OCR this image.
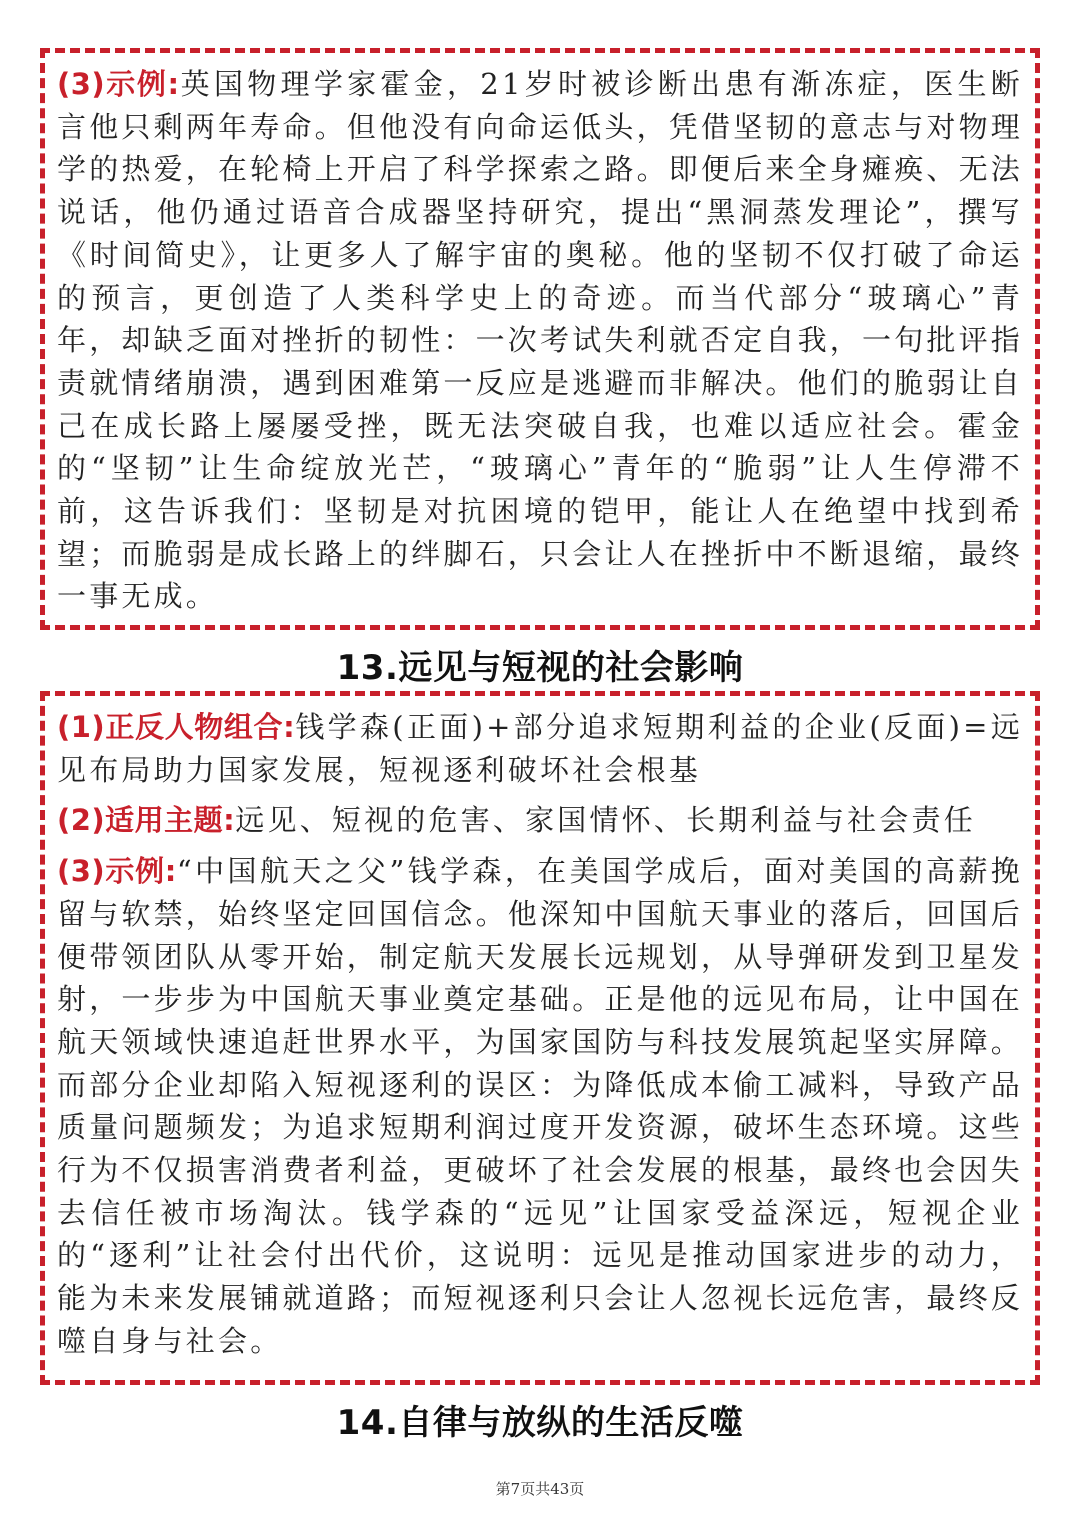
(3)示例:英国物理学家霍金，21岁时被诊断出患有渐冻症，医生断言他只剩两年寿命。但他没有向命运低头，凭借坚韧的意志与对物理学的热爱，在轮椅上开启了科学探索之路。即便后来全身瘫痪、无法说话，他仍通过语音合成器坚持研究，提出“黑洞蒸发理论”，撰写《时间简史》，让更多人了解宇宙的奥秘。他的坚韧不仅打破了命运的预言，更创造了人类科学史上的奇迹。而当代部分“玻璃心”青年，却缺乏面对挫折的韧性：一次考试失利就否定自我，一句批评指责就情绪崩溃，遇到困难第一反应是逃避而非解决。他们的脆弱让自己在成长路上屡屡受挫，既无法突破自我，也难以适应社会。霍金的“坚韧”让生命绽放光芒，“玻璃心”青年的“脆弱”让人生停滞不前，这告诉我们：坚韧是对抗困境的铠甲，能让人在绝望中找到希望；而脆弱是成长路上的绊脚石，只会让人在挫折中不断退缩，最终一事无成。

13.远见与短视的社会影响

(1)正反人物组合:钱学森(正面)+部分追求短期利益的企业(反面)=远见布局助力国家发展，短视逐利破坏社会根基

(2)适用主题:远见、短视的危害、家国情怀、长期利益与社会责任

(3)示例:“中国航天之父”钱学森，在美国学成后，面对美国的高薪挽留与软禁，始终坚定回国信念。他深知中国航天事业的落后，回国后便带领团队从零开始，制定航天发展长远规划，从导弹研发到卫星发射，一步步为中国航天事业奠定基础。正是他的远见布局，让中国在航天领域快速追赶世界水平，为国家国防与科技发展筑起坚实屏障。而部分企业却陷入短视逐利的误区：为降低成本偷工减料，导致产品质量问题频发；为追求短期利润过度开发资源，破坏生态环境。这些行为不仅损害消费者利益，更破坏了社会发展的根基，最终也会因失去信任被市场淘汰。钱学森的“远见”让国家受益深远，短视企业的“逐利”让社会付出代价，这说明：远见是推动国家进步的动力，能为未来发展铺就道路；而短视逐利只会让人忽视长远危害，最终反噬自身与社会。

14.自律与放纵的生活反噬
第7页共43页
